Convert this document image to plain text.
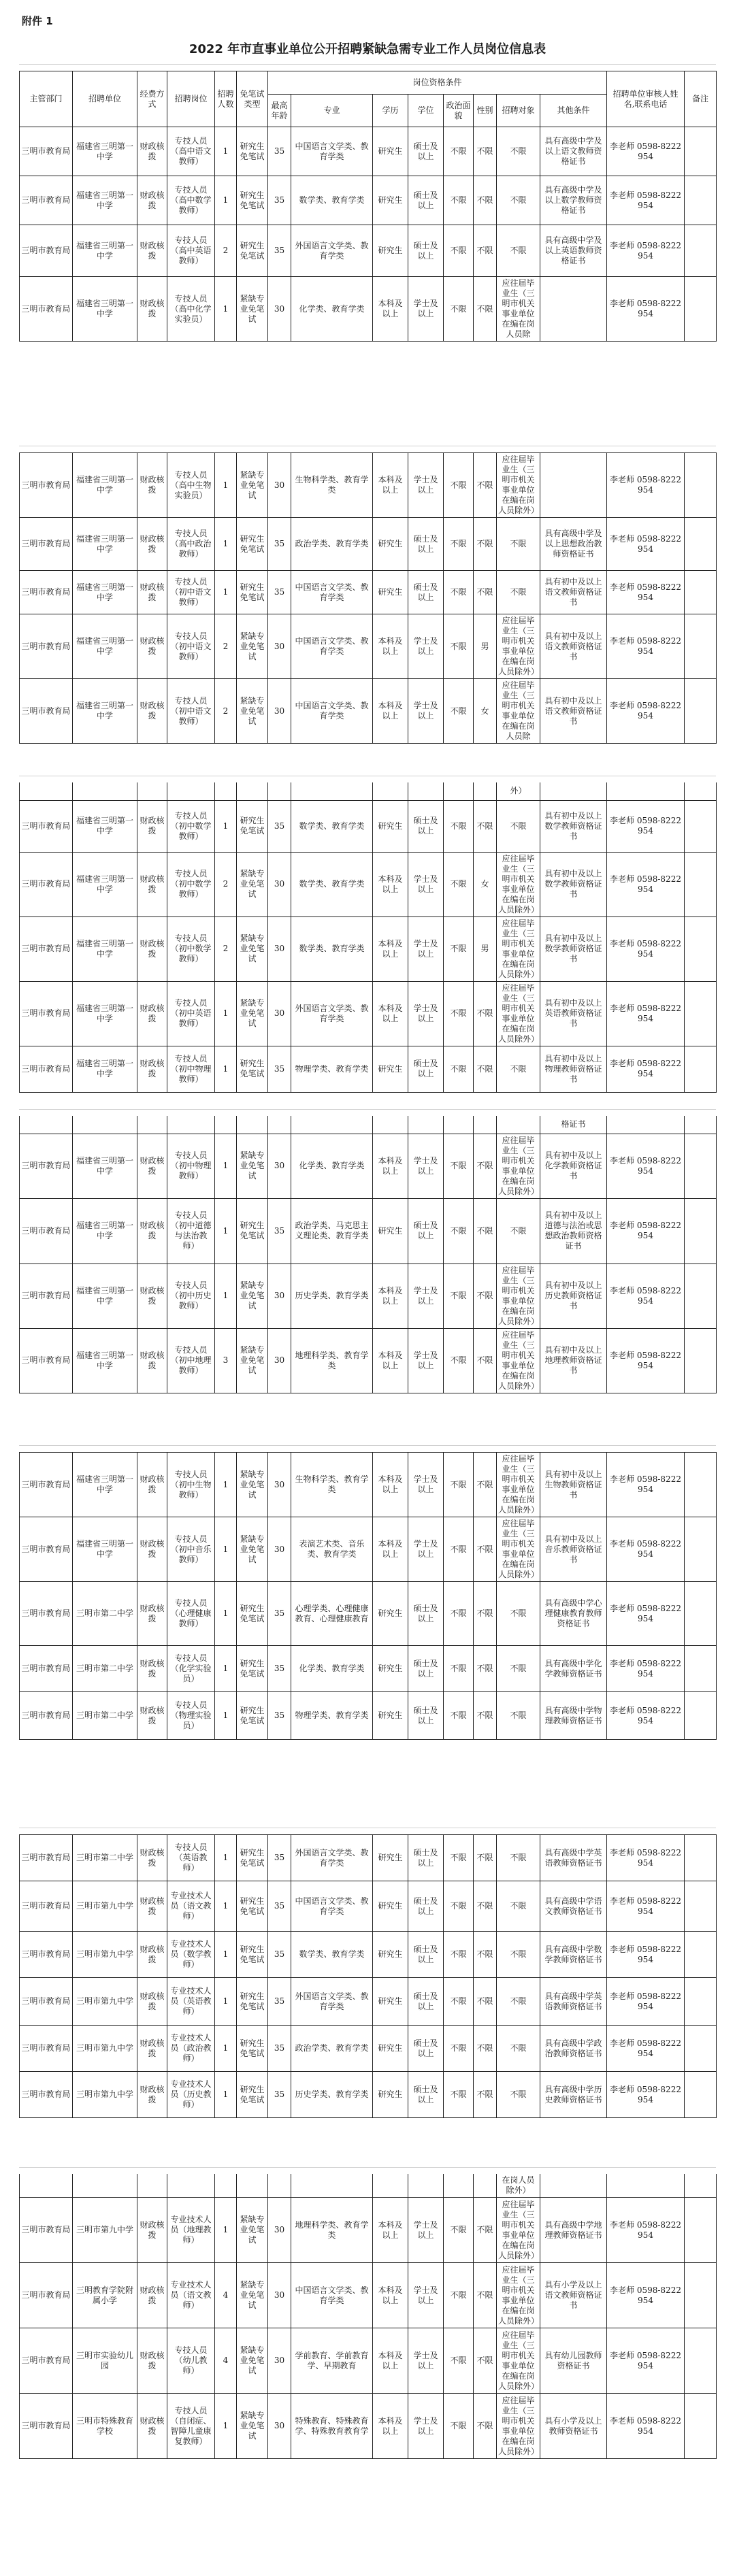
附件 1
2022 年市直事业单位公开招聘紧缺急需专业工作人员岗位信息表
主管部门	招聘单位	经费方式	招聘岗位	招聘人数	免笔试类型	岗位资格条件								招聘单位审核人姓名,联系电话	备注
						最高年龄	专业	学历	学位	政治面貌	性别	招聘对象	其他条件		
三明市教育局	福建省三明第一中学	财政核拨	专技人员（高中语文教师）	1	研究生免笔试	35	中国语言文学类、教育学类	研究生	硕士及以上	不限	不限	不限	具有高级中学及以上语文教师资格证书	李老师 0598-8222954	
三明市教育局	福建省三明第一中学	财政核拨	专技人员（高中数学教师）	1	研究生免笔试	35	数学类、教育学类	研究生	硕士及以上	不限	不限	不限	具有高级中学及以上数学教师资格证书	李老师 0598-8222954	
三明市教育局	福建省三明第一中学	财政核拨	专技人员（高中英语教师）	2	研究生免笔试	35	外国语言文学类、教育学类	研究生	硕士及以上	不限	不限	不限	具有高级中学及以上英语教师资格证书	李老师 0598-8222954	
三明市教育局	福建省三明第一中学	财政核拨	专技人员（高中化学实验员）	1	紧缺专业免笔试	30	化学类、教育学类	本科及以上	学士及以上	不限	不限	应往届毕业生（三明市机关事业单位在编在岗人员除		李老师 0598-8222954	
三明市教育局	福建省三明第一中学	财政核拨	专技人员（高中生物实验员）	1	紧缺专业免笔试	30	生物科学类、教育学类	本科及以上	学士及以上	不限	不限	应往届毕业生（三明市机关事业单位在编在岗人员除外）		李老师 0598-8222954	
三明市教育局	福建省三明第一中学	财政核拨	专技人员（高中政治教师）	1	研究生免笔试	35	政治学类、教育学类	研究生	硕士及以上	不限	不限	不限	具有高级中学及以上思想政治教师资格证书	李老师 0598-8222954	
三明市教育局	福建省三明第一中学	财政核拨	专技人员（初中语文教师）	1	研究生免笔试	35	中国语言文学类、教育学类	研究生	硕士及以上	不限	不限	不限	具有初中及以上语文教师资格证书	李老师 0598-8222954	
三明市教育局	福建省三明第一中学	财政核拨	专技人员（初中语文教师）	2	紧缺专业免笔试	30	中国语言文学类、教育学类	本科及以上	学士及以上	不限	男	应往届毕业生（三明市机关事业单位在编在岗人员除外）	具有初中及以上语文教师资格证书	李老师 0598-8222954	
三明市教育局	福建省三明第一中学	财政核拨	专技人员（初中语文教师）	2	紧缺专业免笔试	30	中国语言文学类、教育学类	本科及以上	学士及以上	不限	女	应往届毕业生（三明市机关事业单位在编在岗人员除	具有初中及以上语文教师资格证书	李老师 0598-8222954	
												外）			
三明市教育局	福建省三明第一中学	财政核拨	专技人员（初中数学教师）	1	研究生免笔试	35	数学类、教育学类	研究生	硕士及以上	不限	不限	不限	具有初中及以上数学教师资格证书	李老师 0598-8222954	
三明市教育局	福建省三明第一中学	财政核拨	专技人员（初中数学教师）	2	紧缺专业免笔试	30	数学类、教育学类	本科及以上	学士及以上	不限	女	应往届毕业生（三明市机关事业单位在编在岗人员除外）	具有初中及以上数学教师资格证书	李老师 0598-8222954	
三明市教育局	福建省三明第一中学	财政核拨	专技人员（初中数学教师）	2	紧缺专业免笔试	30	数学类、教育学类	本科及以上	学士及以上	不限	男	应往届毕业生（三明市机关事业单位在编在岗人员除外）	具有初中及以上数学教师资格证书	李老师 0598-8222954	
三明市教育局	福建省三明第一中学	财政核拨	专技人员（初中英语教师）	1	紧缺专业免笔试	30	外国语言文学类、教育学类	本科及以上	学士及以上	不限	不限	应往届毕业生（三明市机关事业单位在编在岗人员除外）	具有初中及以上英语教师资格证书	李老师 0598-8222954	
三明市教育局	福建省三明第一中学	财政核拨	专技人员（初中物理教师）	1	研究生免笔试	35	物理学类、教育学类	研究生	硕士及以上	不限	不限	不限	具有初中及以上物理教师资格证书	李老师 0598-8222954	
													格证书		
三明市教育局	福建省三明第一中学	财政核拨	专技人员（初中物理教师）	1	紧缺专业免笔试	30	化学类、教育学类	本科及以上	学士及以上	不限	不限	应往届毕业生（三明市机关事业单位在编在岗人员除外）	具有初中及以上化学教师资格证书	李老师 0598-8222954	
三明市教育局	福建省三明第一中学	财政核拨	专技人员（初中道德与法治教师）	1	研究生免笔试	35	政治学类、马克思主义理论类、教育学类	研究生	硕士及以上	不限	不限	不限	具有初中及以上道德与法治或思想政治教师资格证书	李老师 0598-8222954	
三明市教育局	福建省三明第一中学	财政核拨	专技人员（初中历史教师）	1	紧缺专业免笔试	30	历史学类、教育学类	本科及以上	学士及以上	不限	不限	应往届毕业生（三明市机关事业单位在编在岗人员除外）	具有初中及以上历史教师资格证书	李老师 0598-8222954	
三明市教育局	福建省三明第一中学	财政核拨	专技人员（初中地理教师）	3	紧缺专业免笔试	30	地理科学类、教育学类	本科及以上	学士及以上	不限	不限	应往届毕业生（三明市机关事业单位在编在岗人员除外）	具有初中及以上地理教师资格证书	李老师 0598-8222954	
三明市教育局	福建省三明第一中学	财政核拨	专技人员（初中生物教师）	1	紧缺专业免笔试	30	生物科学类、教育学类	本科及以上	学士及以上	不限	不限	应往届毕业生（三明市机关事业单位在编在岗人员除外）	具有初中及以上生物教师资格证书	李老师 0598-8222954	
三明市教育局	福建省三明第一中学	财政核拨	专技人员（初中音乐教师）	1	紧缺专业免笔试	30	表演艺术类、音乐类、教育学类	本科及以上	学士及以上	不限	不限	应往届毕业生（三明市机关事业单位在编在岗人员除外）	具有初中及以上音乐教师资格证书	李老师 0598-8222954	
三明市教育局	三明市第二中学	财政核拨	专技人员（心理健康教师）	1	研究生免笔试	35	心理学类、心理健康教育、心理健康教育	研究生	硕士及以上	不限	不限	不限	具有高级中学心理健康教育教师资格证书	李老师 0598-8222954	
三明市教育局	三明市第二中学	财政核拨	专技人员（化学实验员）	1	研究生免笔试	35	化学类、教育学类	研究生	硕士及以上	不限	不限	不限	具有高级中学化学教师资格证书	李老师 0598-8222954	
三明市教育局	三明市第二中学	财政核拨	专技人员（物理实验员）	1	研究生免笔试	35	物理学类、教育学类	研究生	硕士及以上	不限	不限	不限	具有高级中学物理教师资格证书	李老师 0598-8222954	
三明市教育局	三明市第二中学	财政核拨	专技人员（英语教师）	1	研究生免笔试	35	外国语言文学类、教育学类	研究生	硕士及以上	不限	不限	不限	具有高级中学英语教师资格证书	李老师 0598-8222954	
三明市教育局	三明市第九中学	财政核拨	专业技术人员（语文教师）	1	研究生免笔试	35	中国语言文学类、教育学类	研究生	硕士及以上	不限	不限	不限	具有高级中学语文教师资格证书	李老师 0598-8222954	
三明市教育局	三明市第九中学	财政核拨	专业技术人员（数学教师）	1	研究生免笔试	35	数学类、教育学类	研究生	硕士及以上	不限	不限	不限	具有高级中学数学教师资格证书	李老师 0598-8222954	
三明市教育局	三明市第九中学	财政核拨	专业技术人员（英语教师）	1	研究生免笔试	35	外国语言文学类、教育学类	研究生	硕士及以上	不限	不限	不限	具有高级中学英语教师资格证书	李老师 0598-8222954	
三明市教育局	三明市第九中学	财政核拨	专业技术人员（政治教师）	1	研究生免笔试	35	政治学类、教育学类	研究生	硕士及以上	不限	不限	不限	具有高级中学政治教师资格证书	李老师 0598-8222954	
三明市教育局	三明市第九中学	财政核拨	专业技术人员（历史教师）	1	研究生免笔试	35	历史学类、教育学类	研究生	硕士及以上	不限	不限	不限	具有高级中学历史教师资格证书	李老师 0598-8222954	
												在岗人员除外）			
三明市教育局	三明市第九中学	财政核拨	专业技术人员（地理教师）	1	紧缺专业免笔试	30	地理科学类、教育学类	本科及以上	学士及以上	不限	不限	应往届毕业生（三明市机关事业单位在编在岗人员除外）	具有高级中学地理教师资格证书	李老师 0598-8222954	
三明市教育局	三明教育学院附属小学	财政核拨	专业技术人员（语文教师）	4	紧缺专业免笔试	30	中国语言文学类、教育学类	本科及以上	学士及以上	不限	不限	应往届毕业生（三明市机关事业单位在编在岗人员除外）	具有小学及以上语文教师资格证书	李老师 0598-8222954	
三明市教育局	三明市实验幼儿园	财政核拨	专技人员（幼儿教师）	4	紧缺专业免笔试	30	学前教育、学前教育学、早期教育	本科及以上	学士及以上	不限	不限	应往届毕业生（三明市机关事业单位在编在岗人员除外）	具有幼儿园教师资格证书	李老师 0598-8222954	
三明市教育局	三明市特殊教育学校	财政核拨	专技人员（自闭症、智障儿童康复教师）	1	紧缺专业免笔试	30	特殊教育、特殊教育学、特殊教育教育学	本科及以上	学士及以上	不限	不限	应往届毕业生（三明市机关事业单位在编在岗人员除外）	具有小学及以上教师资格证书	李老师 0598-8222954	
